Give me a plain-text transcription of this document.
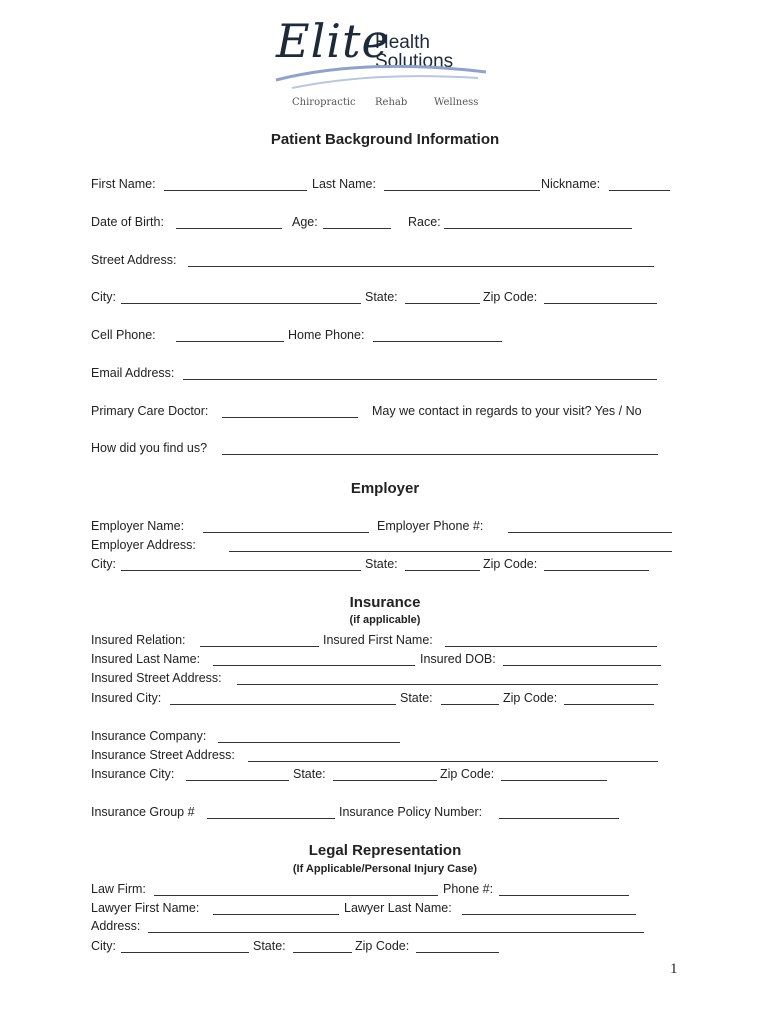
Elite
Health
Solutions
Chiropractic Rehab	Wellness
Patient Background Information
First Name:	Last Name:	Nickname:
Date of Birth:	Age:	Race:
Street Address:
City:	State:	Zip Code:
Cell Phone:	Home Phone:
Email Address:
Primary Care Doctor:	May we contact in regards to your visit? Yes / No
How did you find us?
Employer
Employer Name:	Employer Phone #:
Employer Address:
City:	State:	Zip Code:
Insurance
(if applicable)
Insured Relation:	Insured First Name:
Insured Last Name:	Insured DOB:
Insured Street Address:
Insured City:	State:	Zip Code:
Insurance Company:
Insurance Street Address:
Insurance City:	State:	Zip Code:
Insurance Group #	Insurance Policy Number:
Legal Representation
(If Applicable/Personal Injury Case)
Law Firm:	Phone #:
Lawyer First Name:	Lawyer Last Name:
Address:
City:	State:	Zip Code:
1
